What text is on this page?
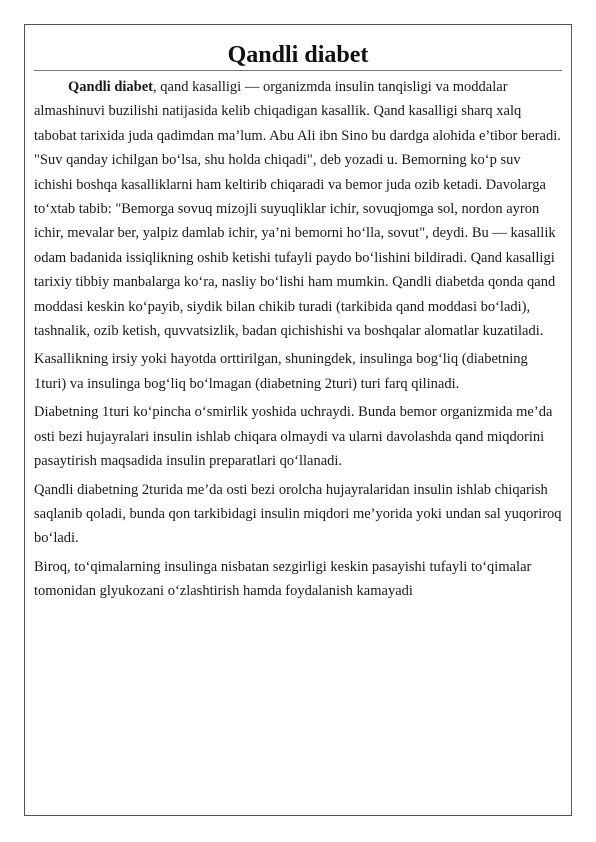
Qandli diabet

Qandli diabet, qand kasalligi — organizmda insulin tanqisligi va moddalar almashinuvi buzilishi natijasida kelib chiqadigan kasallik. Qand kasalligi sharq xalq tabobat tarixida juda qadimdan ma’lum. Abu Ali ibn Sino bu dardga alohida e’tibor beradi. "Suv qanday ichilgan bo‘lsa, shu holda chiqadi", deb yozadi u. Bemorning ko‘p suv ichishi boshqa kasalliklarni ham keltirib chiqaradi va bemor juda ozib ketadi. Davolarga to‘xtab tabib: "Bemorga sovuq mizojli suyuqliklar ichir, sovuqjomga sol, nordon ayron ichir, mevalar ber, yalpiz damlab ichir, ya’ni bemorni ho‘lla, sovut", deydi. Bu — kasallik odam badanida issiqlikning oshib ketishi tufayli paydo bo‘lishini bildiradi. Qand kasalligi tarixiy tibbiy manbalarga ko‘ra, nasliy bo‘lishi ham mumkin. Qandli diabetda qonda qand moddasi keskin ko‘payib, siydik bilan chikib turadi (tarkibida qand moddasi bo‘ladi), tashnalik, ozib ketish, quvvatsizlik, badan qichishishi va boshqalar alomatlar kuzatiladi.

Kasallikning irsiy yoki hayotda orttirilgan, shuningdek, insulinga bog‘liq (diabetning 1turi) va insulinga bog‘liq bo‘lmagan (diabetning 2turi) turi farq qilinadi.

Diabetning 1turi ko‘pincha o‘smirlik yoshida uchraydi. Bunda bemor organizmida me’da osti bezi hujayralari insulin ishlab chiqara olmaydi va ularni davolashda qand miqdorini pasaytirish maqsadida insulin preparatlari qo‘llanadi.

Qandli diabetning 2turida me’da osti bezi orolcha hujayralaridan insulin ishlab chiqarish saqlanib qoladi, bunda qon tarkibidagi insulin miqdori me’yorida yoki undan sal yuqoriroq bo‘ladi.

Biroq, to‘qimalarning insulinga nisbatan sezgirligi keskin pasayishi tufayli to‘qimalar tomonidan glyukozani o‘zlashtirish hamda foydalanish kamayadi
